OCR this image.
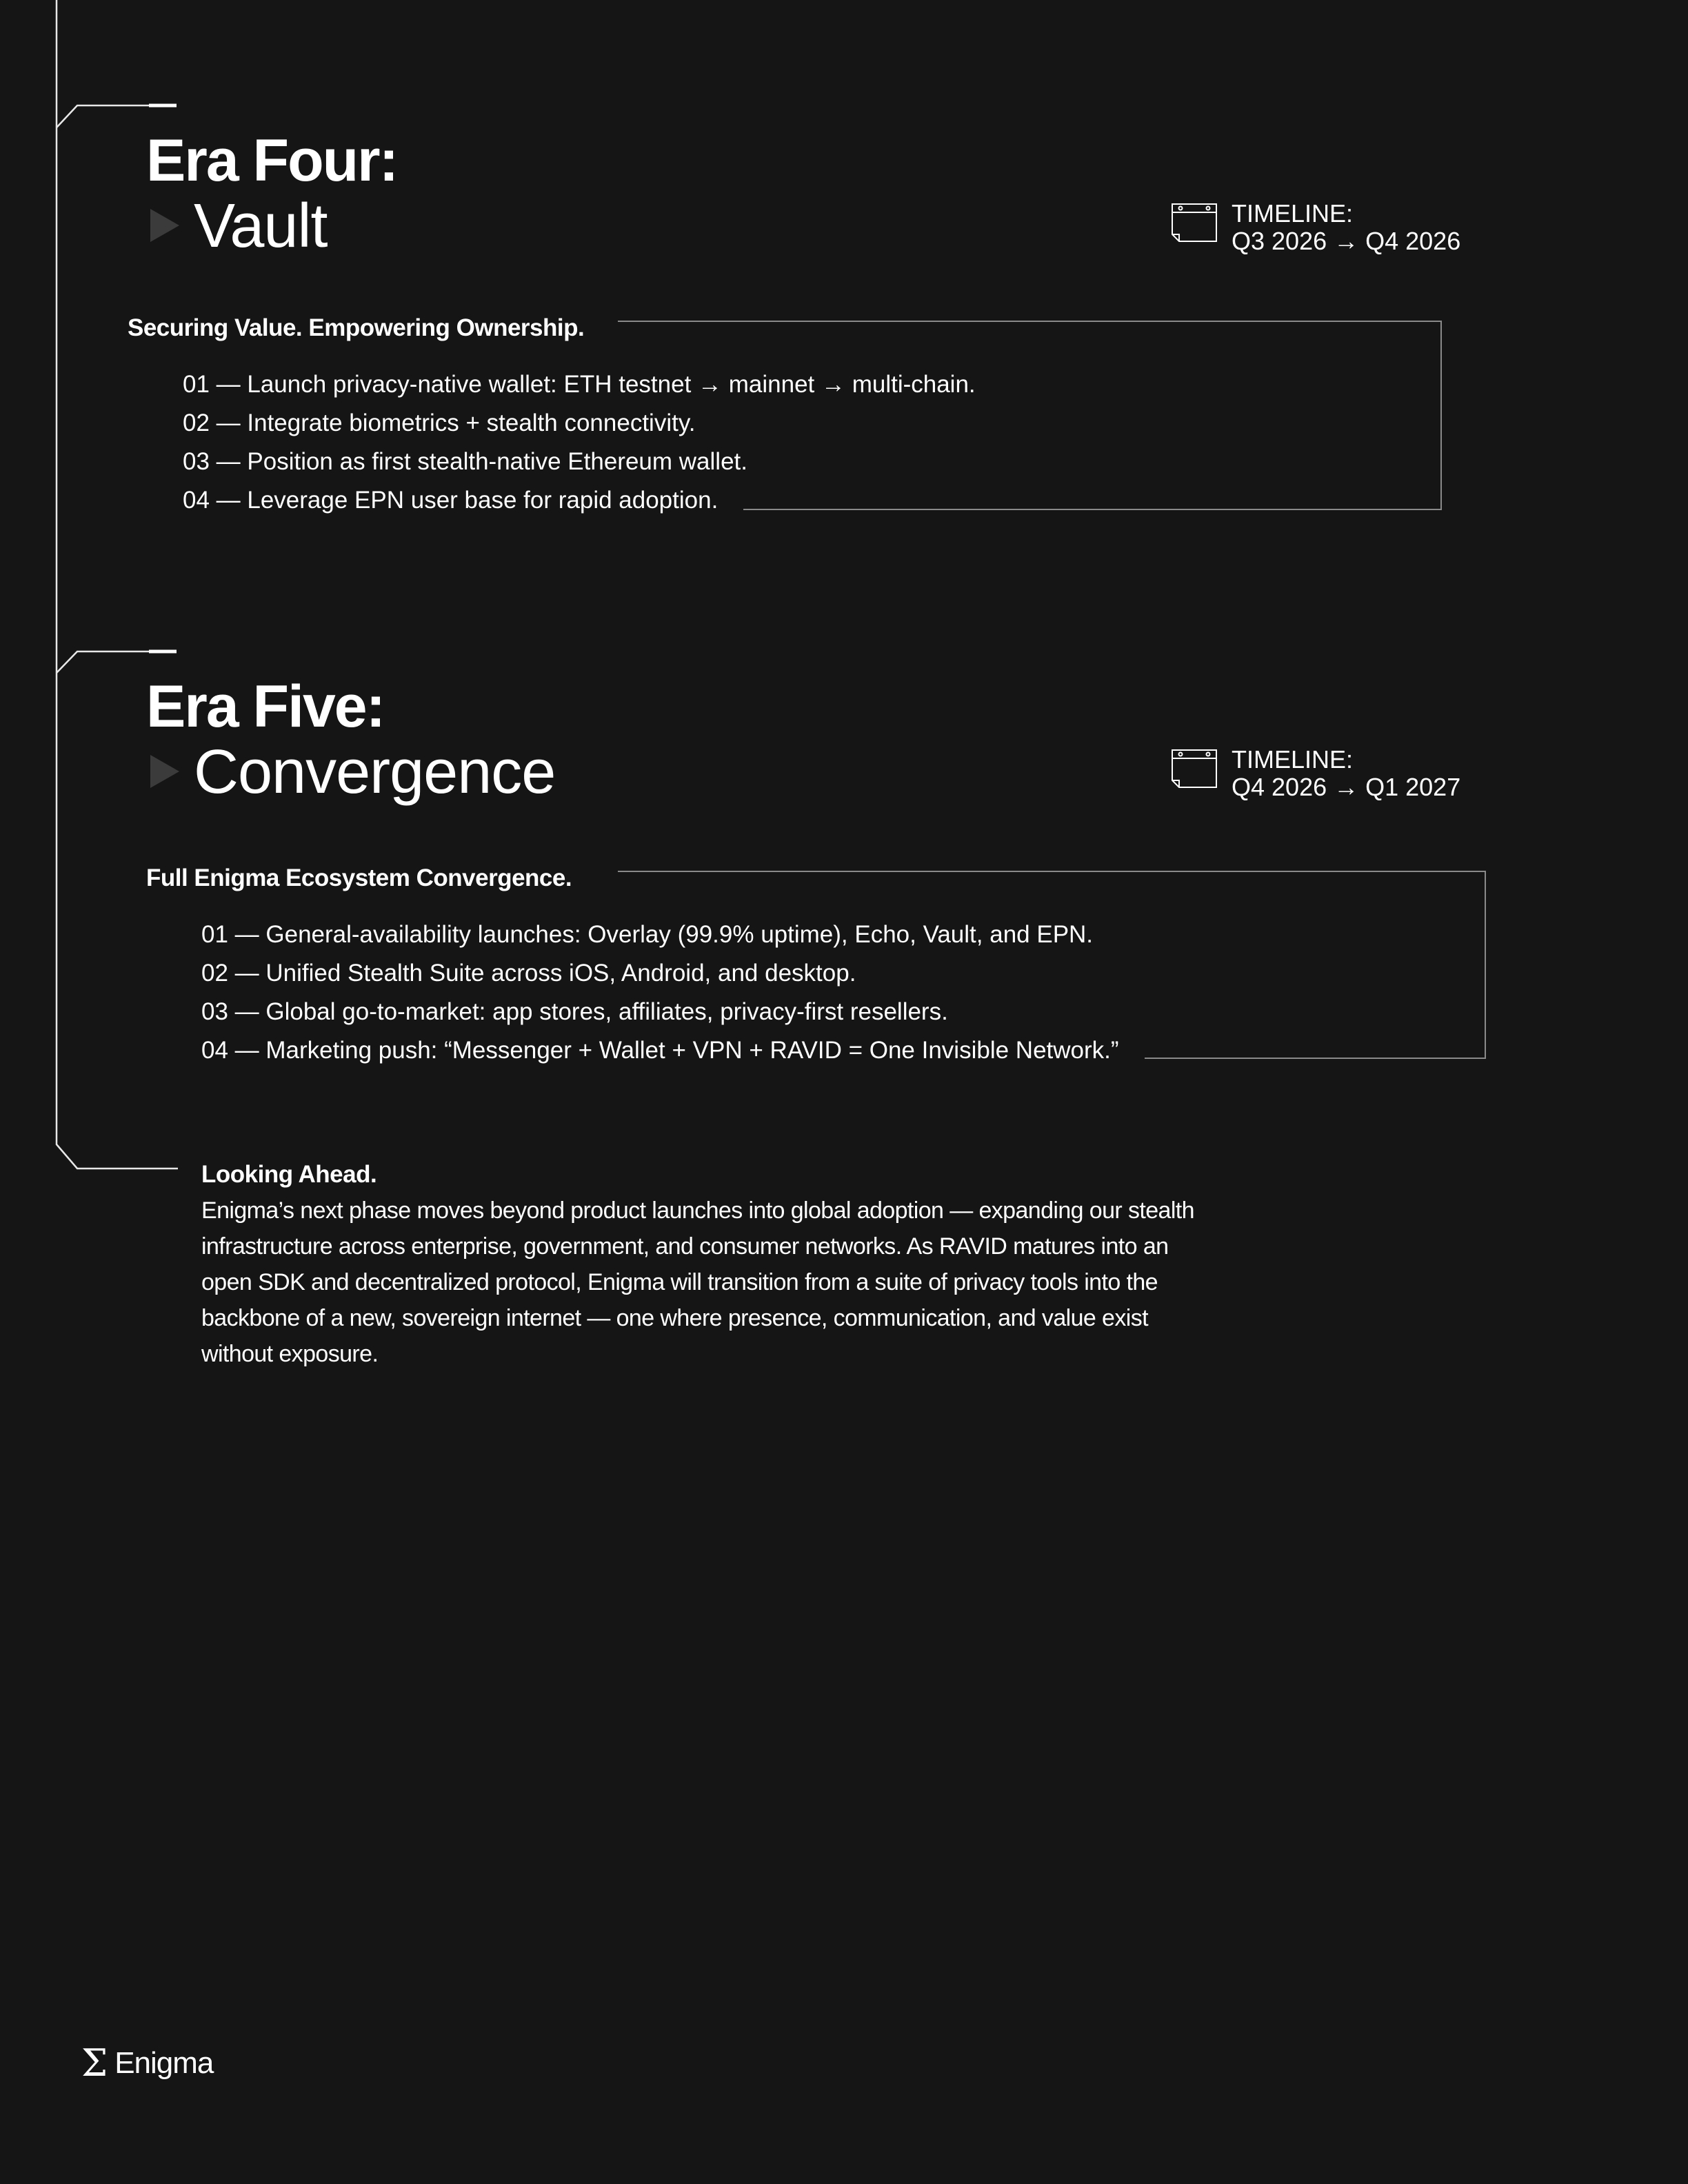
Era Four:
Vault	TIMELINE:
Q3 2026 → Q4 2026
Securing Value. Empowering Ownership.
01 — Launch privacy-native wallet: ETH testnet → mainnet → multi-chain.
02 — Integrate biometrics + stealth connectivity.
03 — Position as first stealth-native Ethereum wallet.
04 — Leverage EPN user base for rapid adoption.
Era Five:
Convergence	TIMELINE:
Q4 2026 → Q1 2027
Full Enigma Ecosystem Convergence.
01 — General-availability launches: Overlay (99.9% uptime), Echo, Vault, and EPN.
02 — Unified Stealth Suite across iOS, Android, and desktop.
03 — Global go-to-market: app stores, affiliates, privacy-first resellers.
04 — Marketing push: “Messenger + Wallet + VPN + RAVID = One Invisible Network.”
Looking Ahead.
Enigma’s next phase moves beyond product launches into global adoption — expanding our stealth infrastructure across enterprise, government, and consumer networks. As RAVID matures into an open SDK and decentralized protocol, Enigma will transition from a suite of privacy tools into the backbone of a new, sovereign internet — one where presence, communication, and value exist without exposure.
Σ Enigma
